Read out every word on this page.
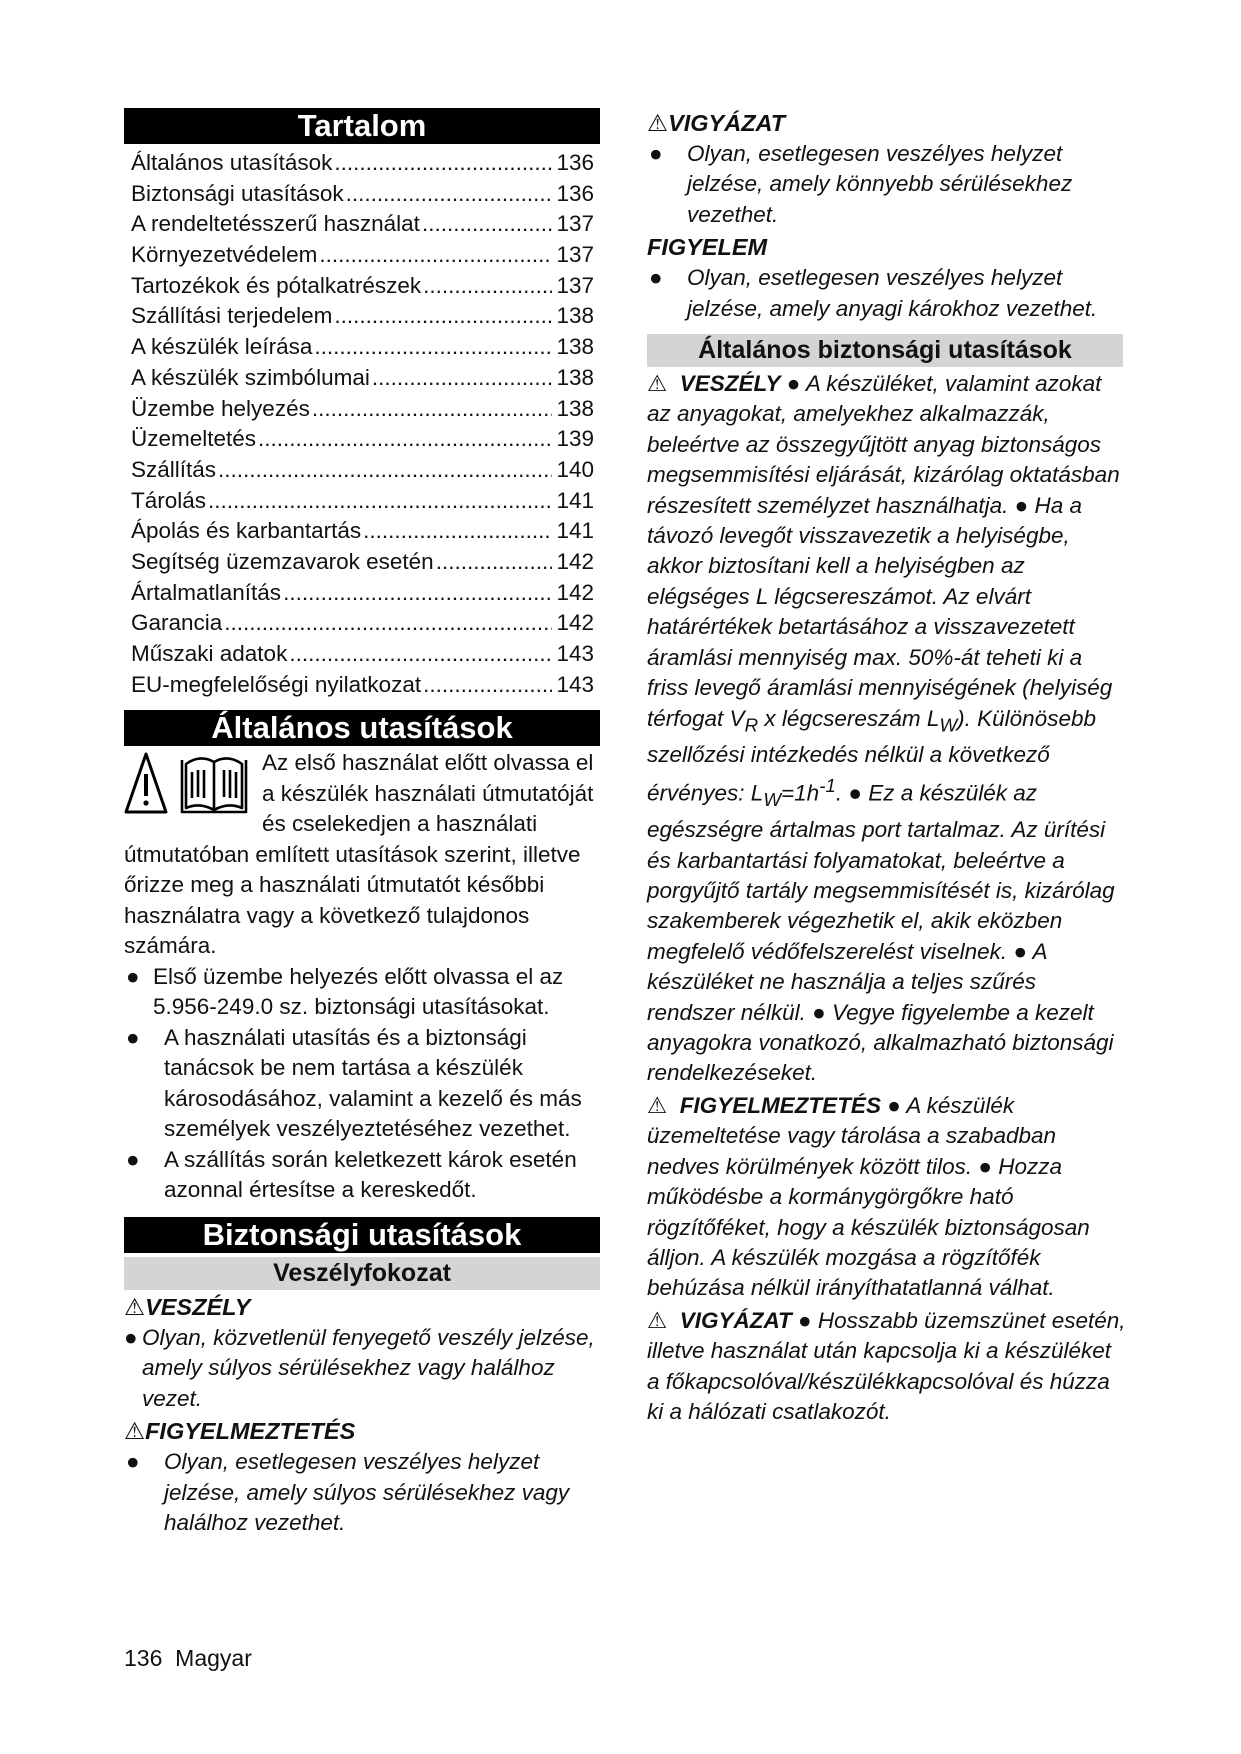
Tartalom
Általános utasítások .....	136
Biztonsági utasítások .....	136
A rendeltetésszerű használat .....	137
Környezetvédelem .....	137
Tartozékok és pótalkatrészek .....	137
Szállítási terjedelem .....	138
A készülék leírása .....	138
A készülék szimbólumai .....	138
Üzembe helyezés .....	138
Üzemeltetés .....	139
Szállítás .....	140
Tárolás .....	141
Ápolás és karbantartás .....	141
Segítség üzemzavarok esetén .....	142
Ártalmatlanítás .....	142
Garancia .....	142
Műszaki adatok .....	143
EU-megfelelőségi nyilatkozat .....	143
Általános utasítások
Az első használat előtt olvassa el a készülék használati útmutatóját és cselekedjen a használati útmutatóban említett utasítások szerint, illetve őrizze meg a használati útmutatót későbbi használatra vagy a következő tulajdonos számára.
● Első üzembe helyezés előtt olvassa el az 5.956-249.0 sz. biztonsági utasításokat.
● A használati utasítás és a biztonsági tanácsok be nem tartása a készülék károsodásához, valamint a kezelő és más személyek veszélyeztetéséhez vezethet.
● A szállítás során keletkezett károk esetén azonnal értesítse a kereskedőt.
Biztonsági utasítások
Veszélyfokozat
⚠VESZÉLY
● Olyan, közvetlenül fenyegető veszély jelzése, amely súlyos sérülésekhez vagy halálhoz vezet.
⚠FIGYELMEZTETÉS
● Olyan, esetlegesen veszélyes helyzet jelzése, amely súlyos sérülésekhez vagy halálhoz vezethet.
⚠VIGYÁZAT
● Olyan, esetlegesen veszélyes helyzet jelzése, amely könnyebb sérülésekhez vezethet.
FIGYELEM
● Olyan, esetlegesen veszélyes helyzet jelzése, amely anyagi károkhoz vezethet.
Általános biztonsági utasítások
⚠ VESZÉLY ● A készüléket, valamint azokat az anyagokat, amelyekhez alkalmazzák, beleértve az összegyűjtött anyag biztonságos megsemmisítési eljárását, kizárólag oktatásban részesített személyzet használhatja. ● Ha a távozó levegőt visszavezetik a helyiségbe, akkor biztosítani kell a helyiségben az elégséges L légcsereszámot. Az elvárt határértékek betartásához a visszavezetett áramlási mennyiség max. 50%-át teheti ki a friss levegő áramlási mennyiségének (helyiség térfogat $V_R$ x légcsereszám $L_W$). Különösebb szellőzési intézkedés nélkül a következő érvényes: $L_W=1h^{-1}$. ● Ez a készülék az egészségre ártalmas port tartalmaz. Az ürítési és karbantartási folyamatokat, beleértve a porgyűjtő tartály megsemmisítését is, kizárólag szakemberek végezhetik el, akik eközben megfelelő védőfelszerelést viselnek. ● A készüléket ne használja a teljes szűrés rendszer nélkül. ● Vegye figyelembe a kezelt anyagokra vonatkozó, alkalmazható biztonsági rendelkezéseket.
⚠ FIGYELMEZTETÉS ● A készülék üzemeltetése vagy tárolása a szabadban nedves körülmények között tilos. ● Hozza működésbe a kormánygörgőkre ható rögzítőféket, hogy a készülék biztonságosan álljon. A készülék mozgása a rögzítőfék behúzása nélkül irányíthatatlanná válhat.
⚠ VIGYÁZAT ● Hosszabb üzemszünet esetén, illetve használat után kapcsolja ki a készüléket a főkapcsolóval/készülékkapcsolóval és húzza ki a hálózati csatlakozót.
136 Magyar
